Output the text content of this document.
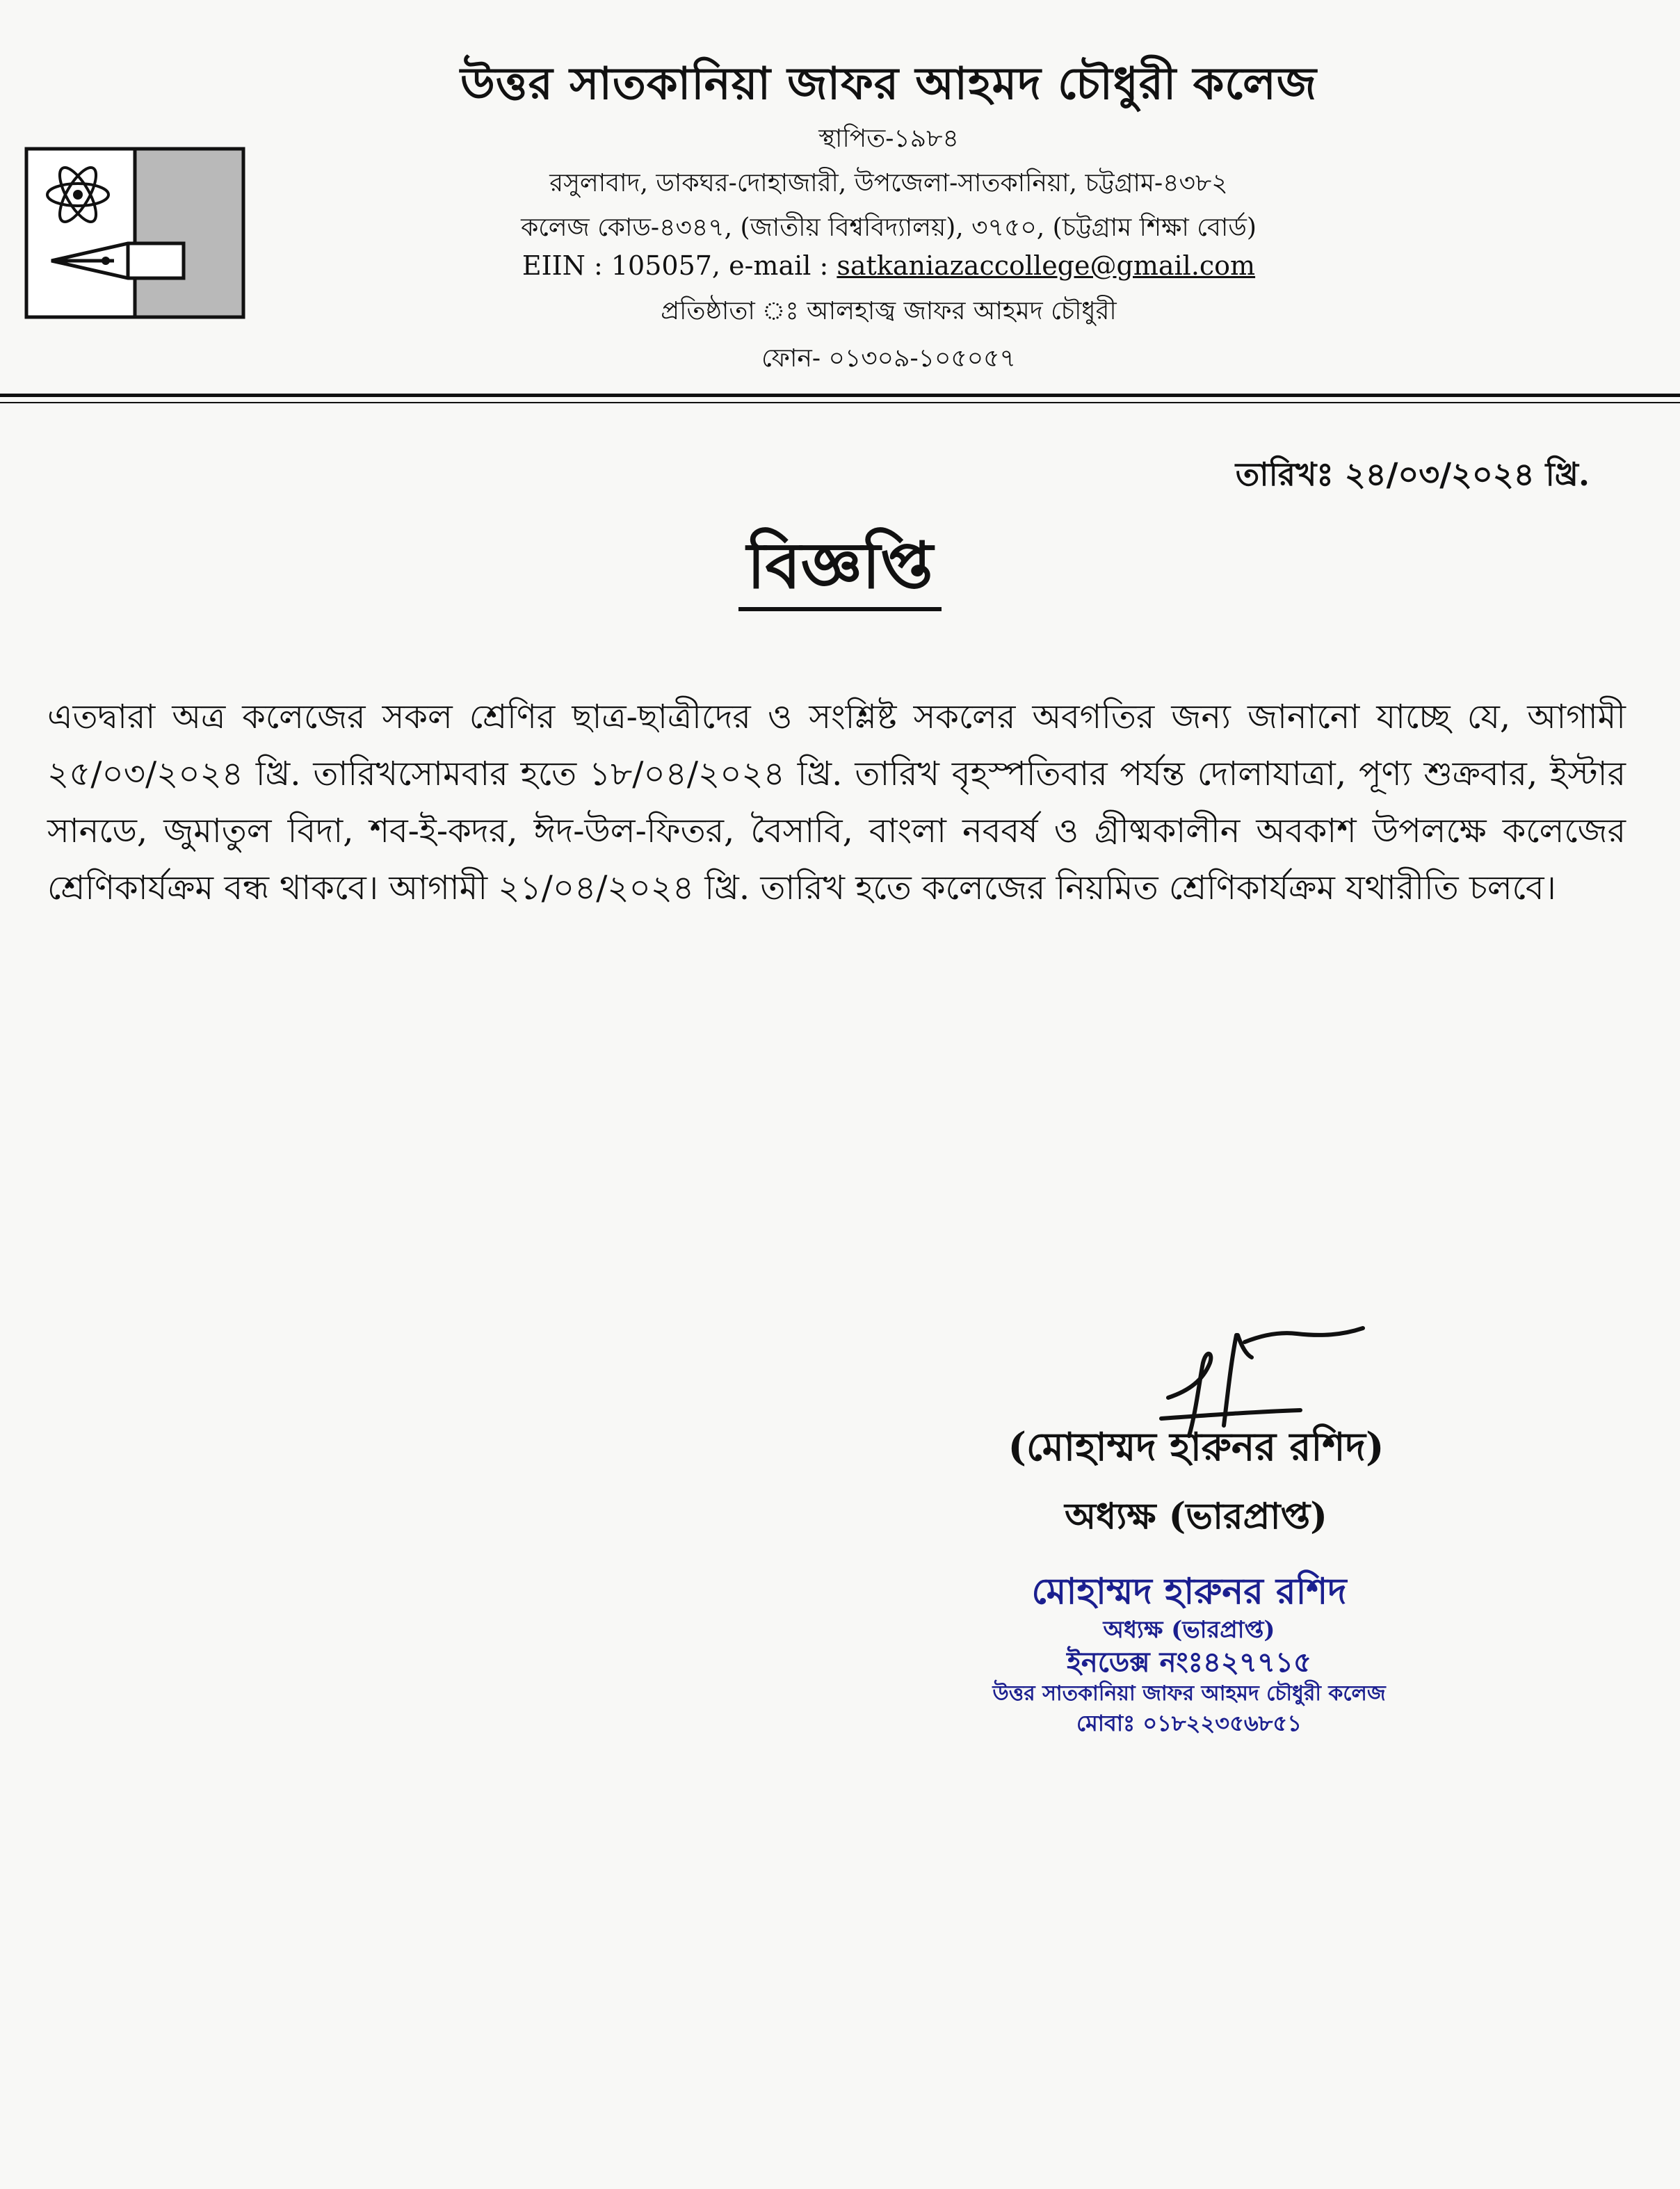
উত্তর সাতকানিয়া জাফর আহমদ চৌধুরী কলেজ
স্থাপিত-১৯৮৪
রসুলাবাদ, ডাকঘর-দোহাজারী, উপজেলা-সাতকানিয়া, চট্টগ্রাম-৪৩৮২
কলেজ কোড-৪৩৪৭, (জাতীয় বিশ্ববিদ্যালয়), ৩৭৫০, (চট্টগ্রাম শিক্ষা বোর্ড)
EIIN : 105057, e-mail : satkaniazaccollege@gmail.com
প্রতিষ্ঠাতা ঃ আলহাজ্ব জাফর আহমদ চৌধুরী
ফোন- ০১৩০৯-১০৫০৫৭
তারিখঃ ২৪/০৩/২০২৪ খ্রি.
বিজ্ঞপ্তি
এতদ্বারা অত্র কলেজের সকল শ্রেণির ছাত্র-ছাত্রীদের ও সংশ্লিষ্ট সকলের অবগতির জন্য জানানো যাচ্ছে যে, আগামী ২৫/০৩/২০২৪ খ্রি. তারিখসোমবার হতে ১৮/০৪/২০২৪ খ্রি. তারিখ বৃহস্পতিবার পর্যন্ত দোলাযাত্রা, পূণ্য শুক্রবার, ইস্টার সানডে, জুমাতুল বিদা, শব-ই-কদর, ঈদ-উল-ফিতর, বৈসাবি, বাংলা নববর্ষ ও গ্রীষ্মকালীন অবকাশ উপলক্ষে কলেজের শ্রেণিকার্যক্রম বন্ধ থাকবে। আগামী ২১/০৪/২০২৪ খ্রি. তারিখ হতে কলেজের নিয়মিত শ্রেণিকার্যক্রম যথারীতি চলবে।
(মোহাম্মদ হারুনর রশিদ)
অধ্যক্ষ (ভারপ্রাপ্ত)
মোহাম্মদ হারুনর রশিদ
অধ্যক্ষ (ভারপ্রাপ্ত)
ইনডেক্স নংঃ৪২৭৭১৫
উত্তর সাতকানিয়া জাফর আহমদ চৌধুরী কলেজ
মোবাঃ ০১৮২২৩৫৬৮৫১
